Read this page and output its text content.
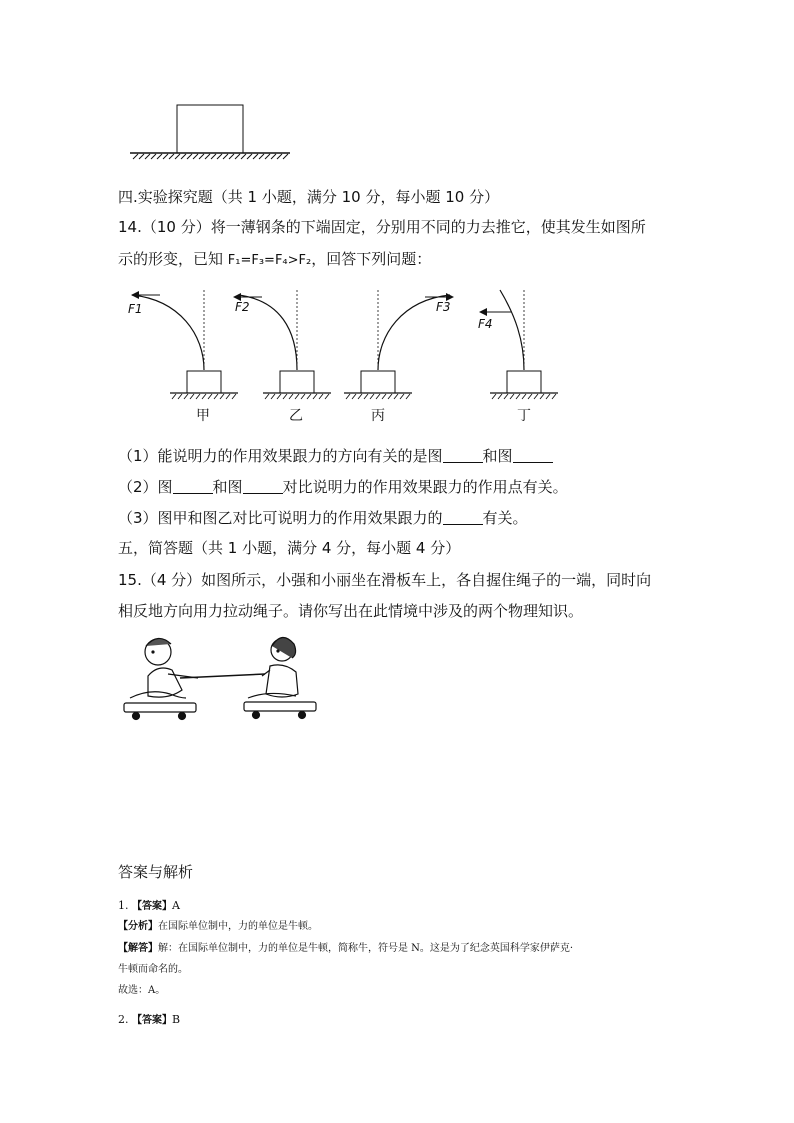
四.实验探究题（共 1 小题，满分 10 分，每小题 10 分）
14.（10 分）将一薄钢条的下端固定，分别用不同的力去推它，使其发生如图所
示的形变，已知 F₁=F₃=F₄>F₂，回答下列问题：
F1	F2	F3
F4
甲	乙	丙	丁
（1）能说明力的作用效果跟力的方向有关的是图	和图
（2）图	和图	对比说明力的作用效果跟力的作用点有关。
（3）图甲和图乙对比可说明力的作用效果跟力的	有关。
五，简答题（共 1 小题，满分 4 分，每小题 4 分）
15.（4 分）如图所示，小强和小丽坐在滑板车上，各自握住绳子的一端，同时向
相反地方向用力拉动绳子。请你写出在此情境中涉及的两个物理知识。
答案与解析
1. 【答案】A
【分析】在国际单位制中，力的单位是牛顿。
【解答】解：在国际单位制中，力的单位是牛顿，简称牛，符号是 N。这是为了纪念英国科学家伊萨克·
牛顿而命名的。
故选：A。
2. 【答案】B
